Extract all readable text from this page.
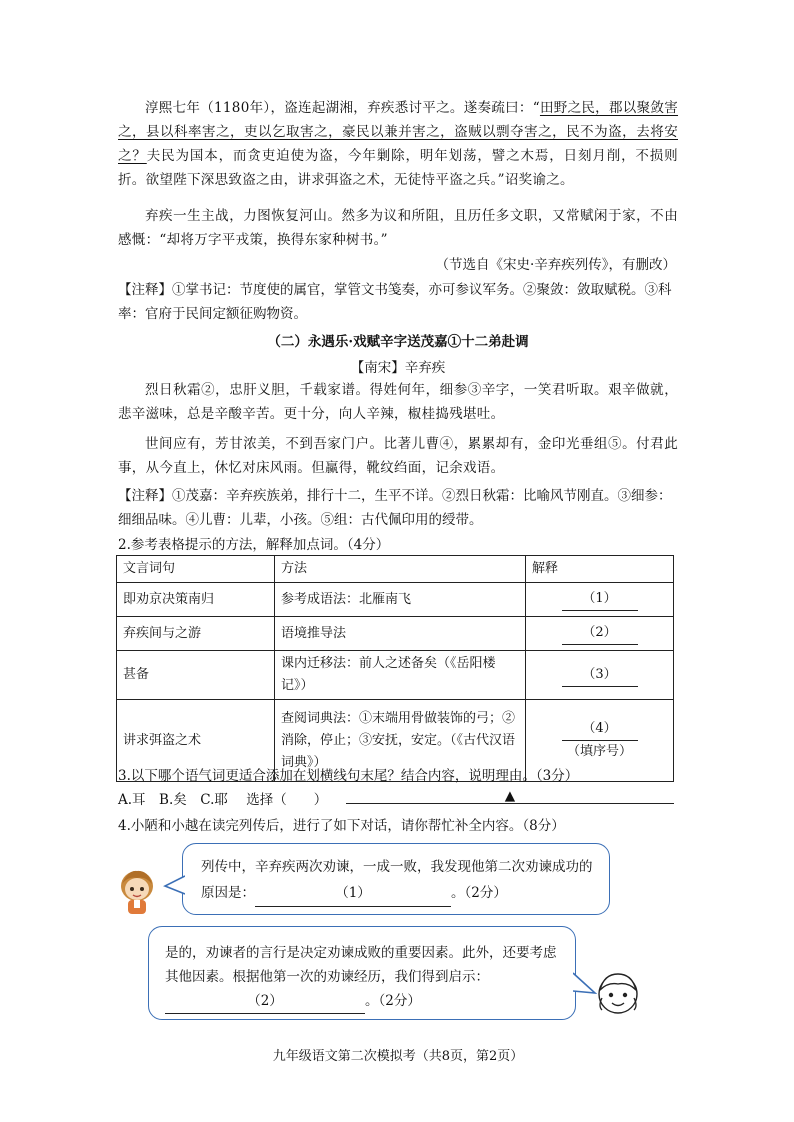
淳熙七年（1180年），盗连起湖湘，弃疾悉讨平之。遂奏疏曰：“田野之民，郡以聚敛害之，县以科率害之，吏以乞取害之，豪民以兼并害之，盗贼以剽夺害之，民不为盗，去将安之？夫民为国本，而贪吏迫使为盗，今年剿除，明年划荡，譬之木焉，日刻月削，不损则折。欲望陛下深思致盗之由，讲求弭盗之术，无徒恃平盗之兵。”诏奖谕之。
弃疾一生主战，力图恢复河山。然多为议和所阻，且历任多文职，又常赋闲于家，不由感慨：“却将万字平戎策，换得东家种树书。”
（节选自《宋史·辛弃疾列传》，有删改）
【注释】①掌书记：节度使的属官，掌管文书笺奏，亦可参议军务。②聚敛：敛取赋税。③科率：官府于民间定额征购物资。
（二）永遇乐·戏赋辛字送茂嘉①十二弟赴调
【南宋】辛弃疾
烈日秋霜②，忠肝义胆，千载家谱。得姓何年，细参③辛字，一笑君听取。艰辛做就，悲辛滋味，总是辛酸辛苦。更十分，向人辛辣，椒桂捣残堪吐。
世间应有，芳甘浓美，不到吾家门户。比著儿曹④，累累却有，金印光垂组⑤。付君此事，从今直上，休忆对床风雨。但赢得，靴纹绉面，记余戏语。
【注释】①茂嘉：辛弃疾族弟，排行十二，生平不详。②烈日秋霜：比喻风节刚直。③细参：细细品味。④儿曹：儿辈，小孩。⑤组：古代佩印用的绶带。
2.参考表格提示的方法，解释加点词。（4分）
文言词句	方法	解释
即劝京决策南归	参考成语法：北雁南飞	（1）
弃疾间与之游	语境推导法	（2）
甚备	课内迁移法：前人之述备矣（《岳阳楼记》）	（3）
讲求弭盗之术	查阅词典法：①末端用骨做装饰的弓；②消除，停止；③安抚，安定。（《古代汉语词典》）	（4）
（填序号）
3.以下哪个语气词更适合添加在划横线句末尾？结合内容，说明理由。（3分）
A.耳　B.矣　C.耶 选择（　　）	▲
4.小陋和小越在读完列传后，进行了如下对话，请你帮忙补全内容。（8分）
列传中，辛弃疾两次劝谏，一成一败，我发现他第二次劝谏成功的原因是：	（1）	。（2分）
是的，劝谏者的言行是决定劝谏成败的重要因素。此外，还要考虑其他因素。根据他第一次的劝谏经历，我们得到启示：
（2）	。（2分）
九年级语文第二次模拟考（共8页，第2页）
